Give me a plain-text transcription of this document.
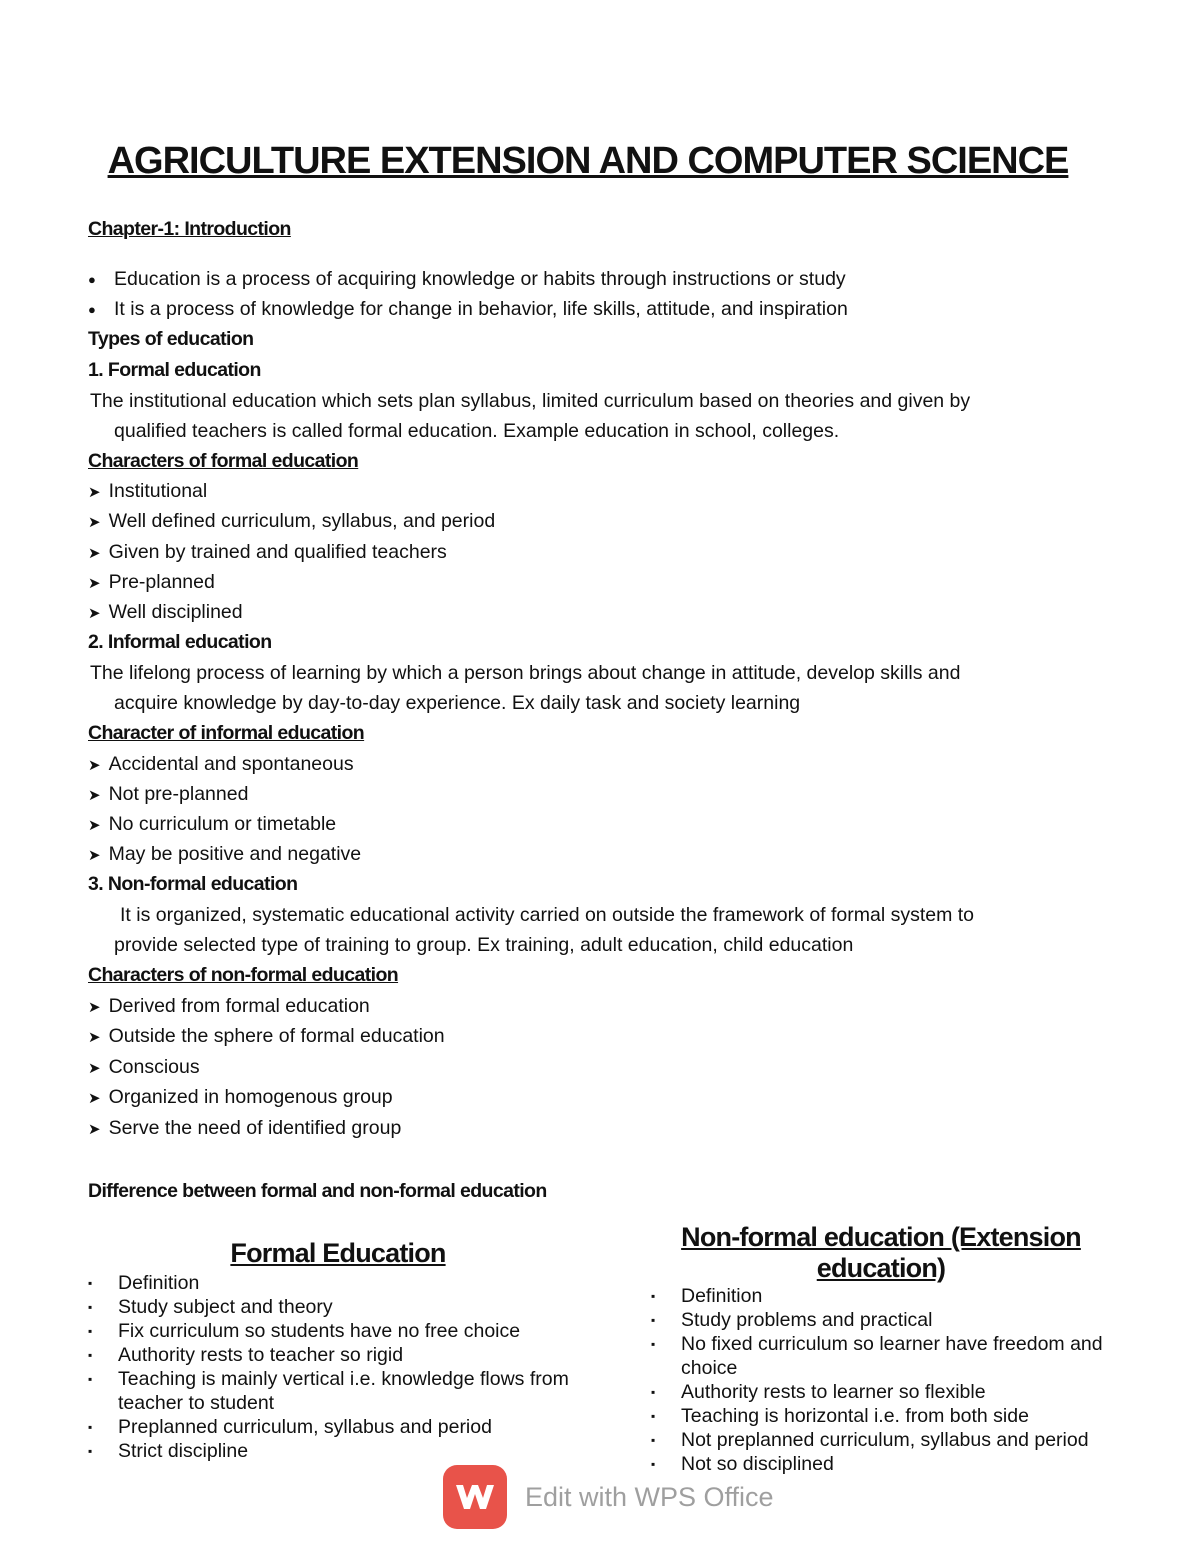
AGRICULTURE EXTENSION AND COMPUTER SCIENCE
Chapter-1: Introduction
● Education is a process of acquiring knowledge or habits through instructions or study
● It is a process of knowledge for change in behavior, life skills, attitude, and inspiration
Types of education
1. Formal education
The institutional education which sets plan syllabus, limited curriculum based on theories and given by
qualified teachers is called formal education. Example education in school, colleges.
Characters of formal education
➤ Institutional
➤ Well defined curriculum, syllabus, and period
➤ Given by trained and qualified teachers
➤ Pre-planned
➤ Well disciplined
2. Informal education
The lifelong process of learning by which a person brings about change in attitude, develop skills and
acquire knowledge by day-to-day experience. Ex daily task and society learning
Character of informal education
➤ Accidental and spontaneous
➤ Not pre-planned
➤ No curriculum or timetable
➤ May be positive and negative
3. Non-formal education
It is organized, systematic educational activity carried on outside the framework of formal system to
provide selected type of training to group. Ex training, adult education, child education
Characters of non-formal education
➤ Derived from formal education
➤ Outside the sphere of formal education
➤ Conscious
➤ Organized in homogenous group
➤ Serve the need of identified group
Difference between formal and non-formal education
Formal Education
▪ Definition
▪ Study subject and theory
▪ Fix curriculum so students have no free choice
▪ Authority rests to teacher so rigid
▪ Teaching is mainly vertical i.e. knowledge flows from teacher to student
▪ Preplanned curriculum, syllabus and period
▪ Strict discipline
Non-formal education (Extension education)
▪ Definition
▪ Study problems and practical
▪ No fixed curriculum so learner have freedom and choice
▪ Authority rests to learner so flexible
▪ Teaching is horizontal i.e. from both side
▪ Not preplanned curriculum, syllabus and period
▪ Not so disciplined
Edit with WPS Office
